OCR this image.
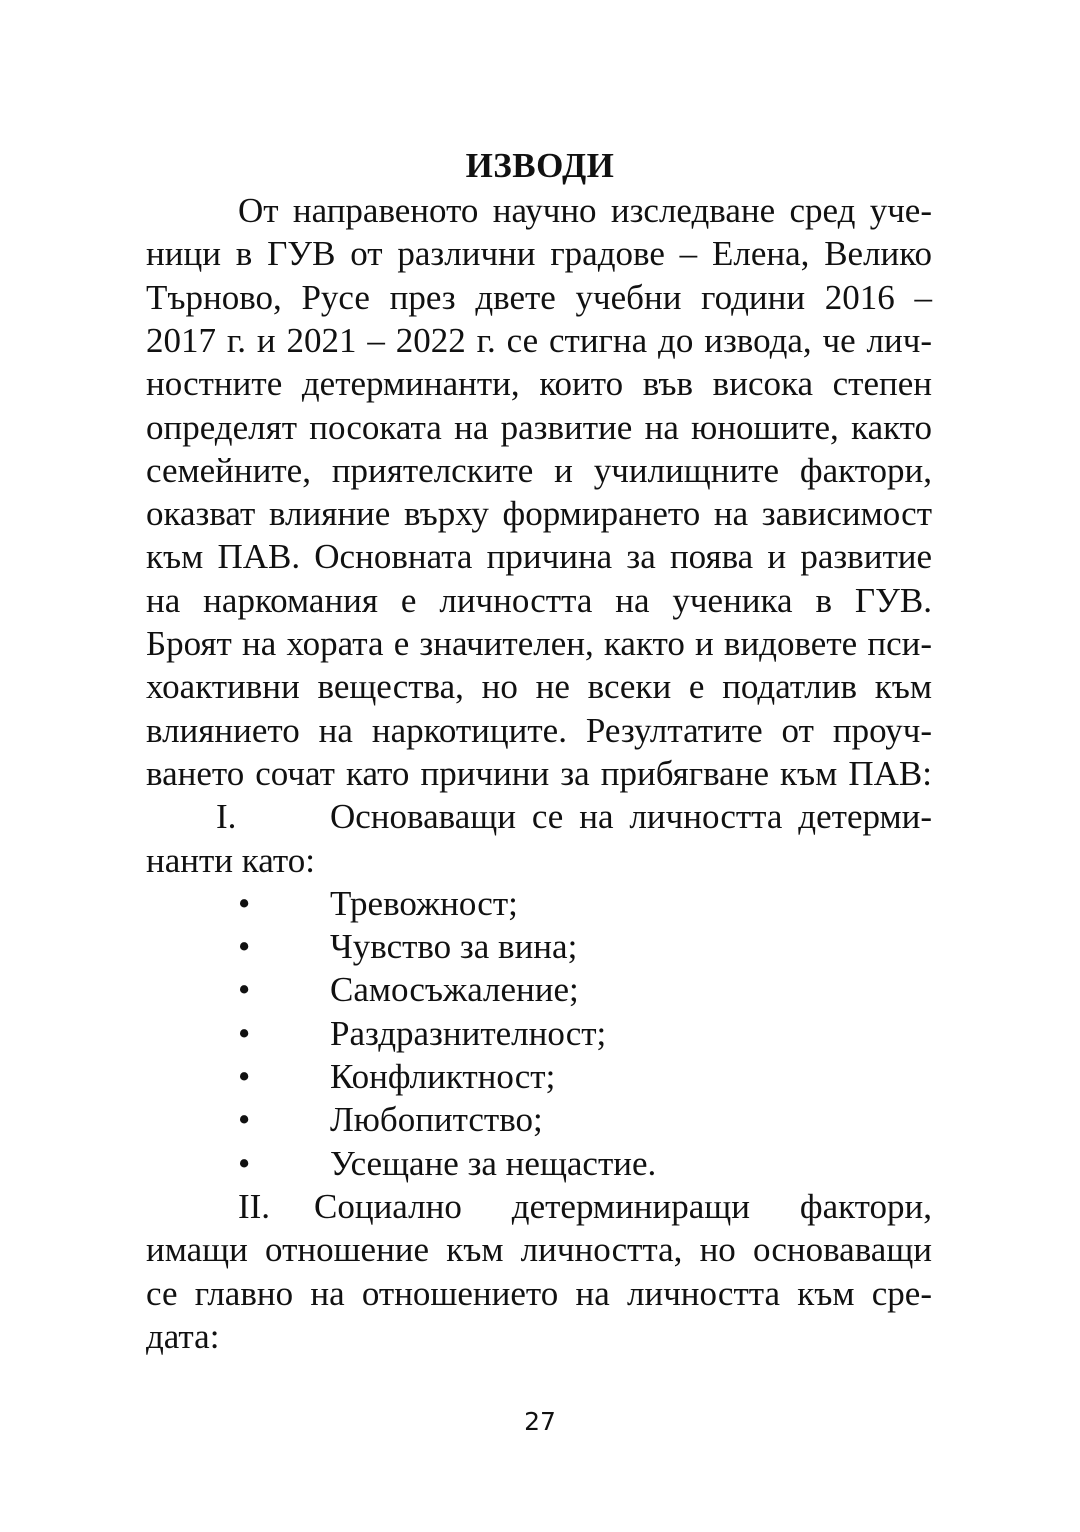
ИЗВОДИ
От направеното научно изследване сред уче-
ници в ГУВ от различни градове – Елена, Велико
Търново, Русе през двете учебни години 2016 –
2017 г. и 2021 – 2022 г. се стигна до извода, че лич-
ностните детерминанти, които във висока степен
определят посоката на развитие на юношите, както
семейните, приятелските и училищните фактори,
оказват влияние върху формирането на зависимост
към ПАВ. Основната причина за поява и развитие
на наркомания е личността на ученика в ГУВ.
Броят на хората е значителен, както и видовете пси-
хоактивни вещества, но не всеки е податлив към
влиянието на наркотиците. Резултатите от проуч-
ването сочат като причини за прибягване към ПАВ:
I.	Основаващи се на личността детерми-
нанти като:
• Тревожност;
• Чувство за вина;
• Самосъжаление;
• Раздразнителност;
• Конфликтност;
• Любопитство;
• Усещане за нещастие.
II. Социално детерминиращи фактори,
имащи отношение към личността, но основаващи
се главно на отношението на личността към сре-
дата:
27
